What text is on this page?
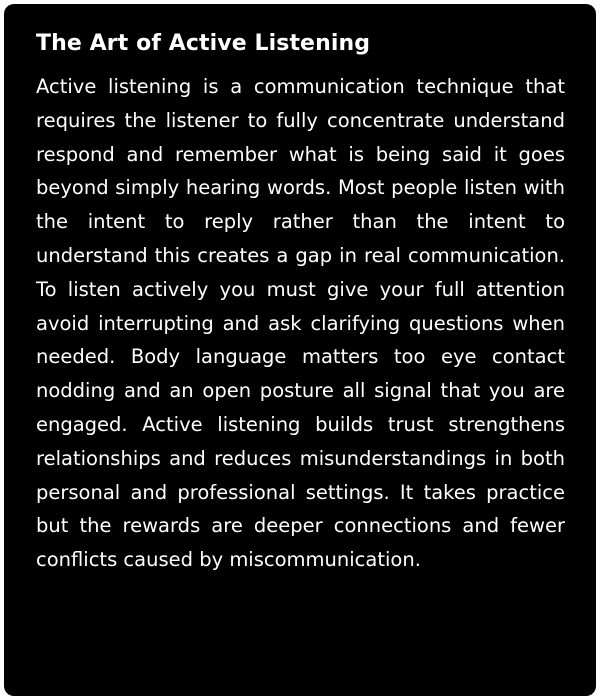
The Art of Active Listening

Active listening is a communication technique that requires the listener to fully concentrate understand respond and remember what is being said it goes beyond simply hearing words. Most people listen with the intent to reply rather than the intent to understand this creates a gap in real communication. To listen actively you must give your full attention avoid interrupting and ask clarifying questions when needed. Body language matters too eye contact nodding and an open posture all signal that you are engaged. Active listening builds trust strengthens relationships and reduces misunderstandings in both personal and professional settings. It takes practice but the rewards are deeper connections and fewer conflicts caused by miscommunication.
